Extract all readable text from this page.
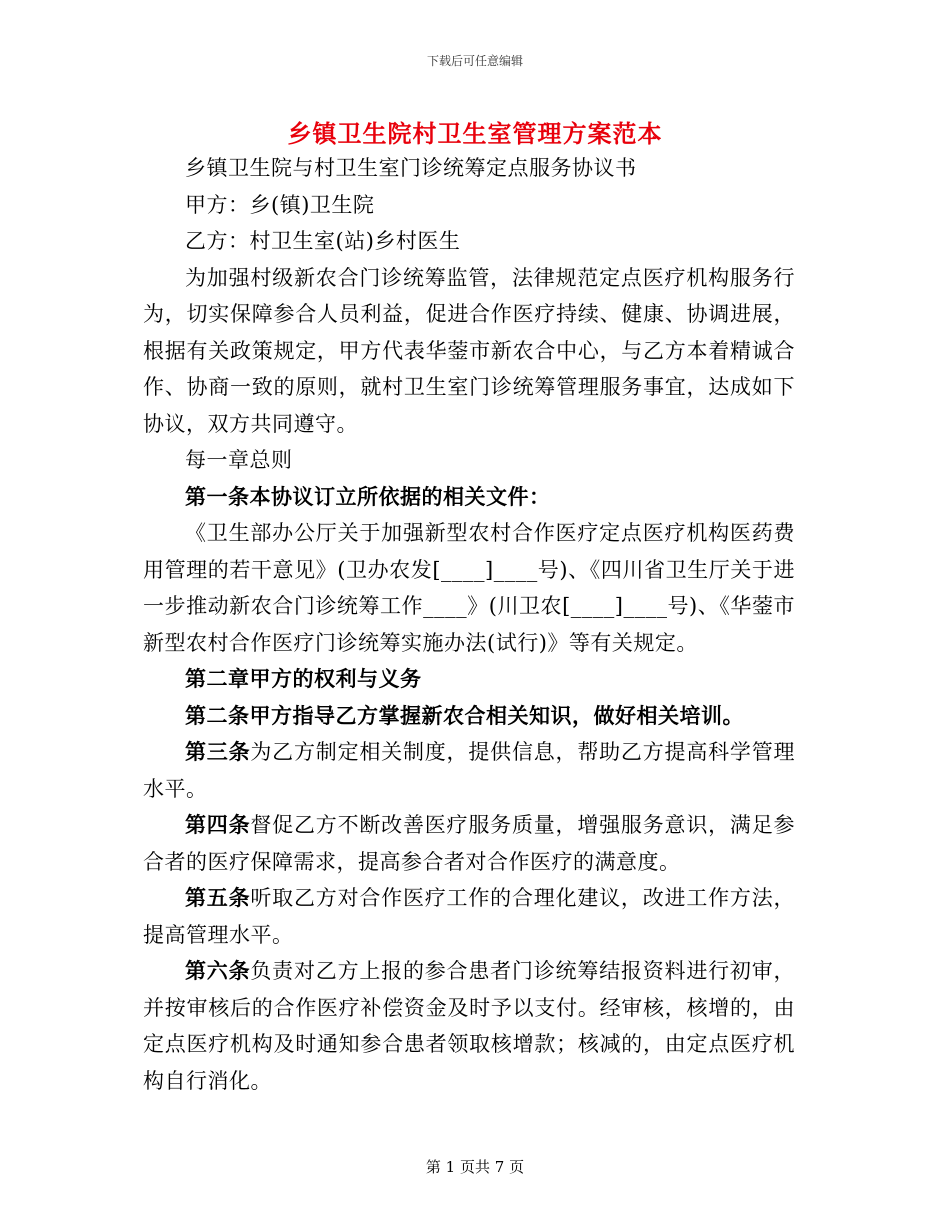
下载后可任意编辑
乡镇卫生院村卫生室管理方案范本

乡镇卫生院与村卫生室门诊统筹定点服务协议书

甲方：乡(镇)卫生院

乙方：村卫生室(站)乡村医生

为加强村级新农合门诊统筹监管，法律规范定点医疗机构服务行为，切实保障参合人员利益，促进合作医疗持续、健康、协调进展，根据有关政策规定，甲方代表华蓥市新农合中心，与乙方本着精诚合作、协商一致的原则，就村卫生室门诊统筹管理服务事宜，达成如下协议，双方共同遵守。

每一章总则

第一条本协议订立所依据的相关文件：

《卫生部办公厅关于加强新型农村合作医疗定点医疗机构医药费用管理的若干意见》(卫办农发[____]____号)、《四川省卫生厅关于进一步推动新农合门诊统筹工作____》(川卫农[____]____号)、《华蓥市新型农村合作医疗门诊统筹实施办法(试行)》等有关规定。

第二章甲方的权利与义务

第二条甲方指导乙方掌握新农合相关知识，做好相关培训。

第三条为乙方制定相关制度，提供信息，帮助乙方提高科学管理水平。

第四条督促乙方不断改善医疗服务质量，增强服务意识，满足参合者的医疗保障需求，提高参合者对合作医疗的满意度。

第五条听取乙方对合作医疗工作的合理化建议，改进工作方法，提高管理水平。

第六条负责对乙方上报的参合患者门诊统筹结报资料进行初审，并按审核后的合作医疗补偿资金及时予以支付。经审核，核增的，由定点医疗机构及时通知参合患者领取核增款；核减的，由定点医疗机构自行消化。

第 1 页共 7 页
